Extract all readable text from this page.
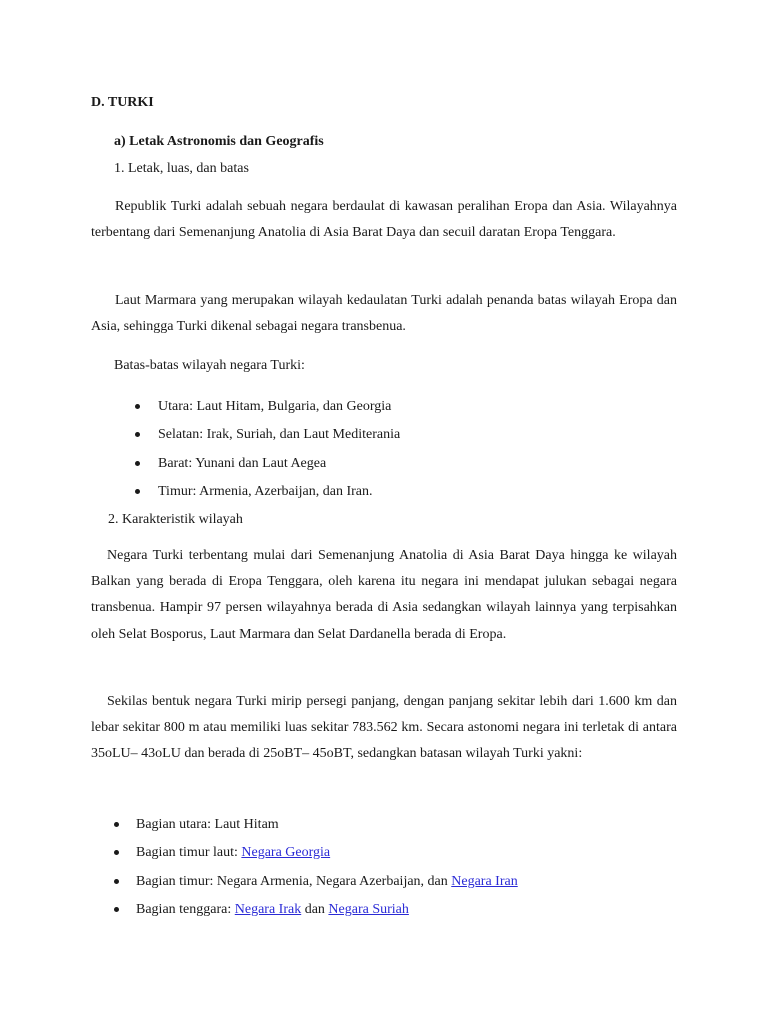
D. TURKI
a) Letak Astronomis dan Geografis
1. Letak, luas, dan batas
Republik Turki adalah sebuah negara berdaulat di kawasan peralihan Eropa dan Asia. Wilayahnya terbentang dari Semenanjung Anatolia di Asia Barat Daya dan secuil daratan Eropa Tenggara.
Laut Marmara yang merupakan wilayah kedaulatan Turki adalah penanda batas wilayah Eropa dan Asia, sehingga Turki dikenal sebagai negara transbenua.
Batas-batas wilayah negara Turki:
Utara: Laut Hitam, Bulgaria, dan Georgia
Selatan: Irak, Suriah, dan Laut Mediterania
Barat: Yunani dan Laut Aegea
Timur: Armenia, Azerbaijan, dan Iran.
2. Karakteristik wilayah
Negara Turki terbentang mulai dari Semenanjung Anatolia di Asia Barat Daya hingga ke wilayah Balkan yang berada di Eropa Tenggara, oleh karena itu negara ini mendapat julukan sebagai negara transbenua. Hampir 97 persen wilayahnya berada di Asia sedangkan wilayah lainnya yang terpisahkan oleh Selat Bosporus, Laut Marmara dan Selat Dardanella berada di Eropa.
Sekilas bentuk negara Turki mirip persegi panjang, dengan panjang sekitar lebih dari 1.600 km dan lebar sekitar 800 m atau memiliki luas sekitar 783.562 km. Secara astonomi negara ini terletak di antara 35oLU– 43oLU dan berada di 25oBT– 45oBT, sedangkan batasan wilayah Turki yakni:
Bagian utara: Laut Hitam
Bagian timur laut: Negara Georgia
Bagian timur: Negara Armenia, Negara Azerbaijan, dan Negara Iran
Bagian tenggara: Negara Irak dan Negara Suriah
